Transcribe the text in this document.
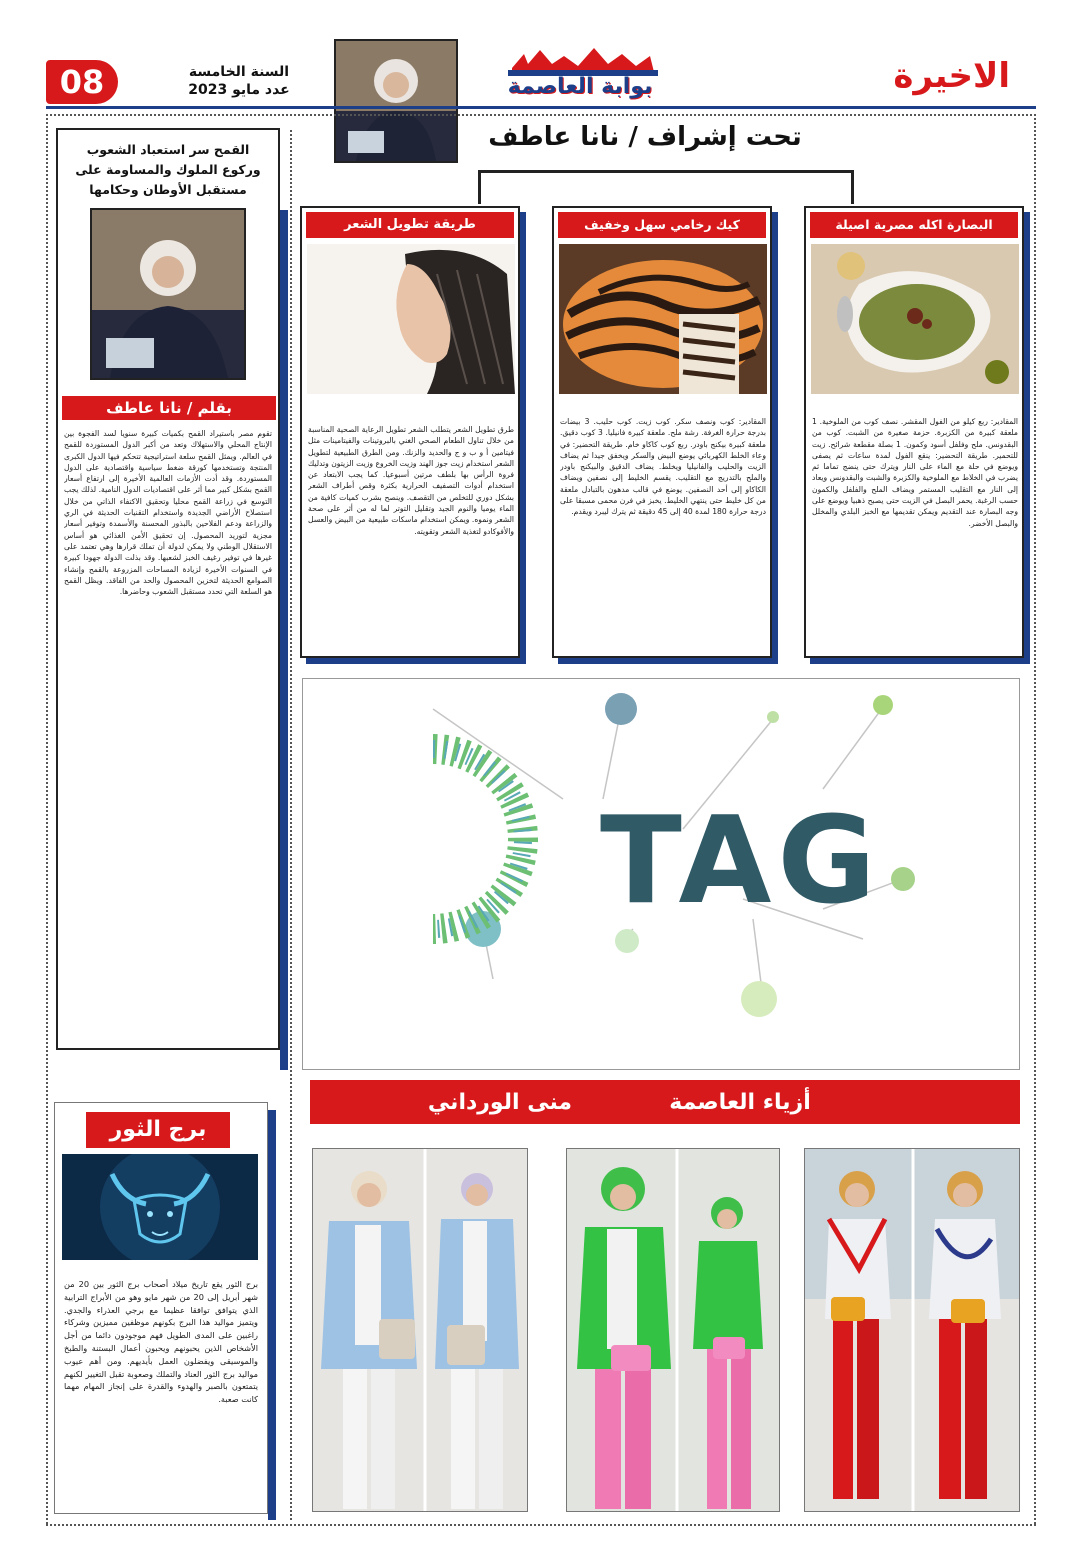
08	السنة الخامسة
عدد مايو 2023	بوابة العاصمة	الاخيرة
تحت إشراف / نانا عاطف
البصارة اكله مصرية اصيلة
المقادير: ربع كيلو من الفول المقشر. نصف كوب من الملوخية. 1 ملعقة كبيرة من الكزبرة. حزمة صغيرة من الشبت. كوب من البقدونس. ملح وفلفل أسود وكمون. 1 بصلة مقطعة شرائح. زيت للتحمير. طريقة التحضير: ينقع الفول لمدة ساعات ثم يصفى ويوضع في حلة مع الماء على النار ويترك حتى ينضج تماما ثم يضرب في الخلاط مع الملوخية والكزبرة والشبت والبقدونس ويعاد إلى النار مع التقليب المستمر ويضاف الملح والفلفل والكمون حسب الرغبة. يحمر البصل في الزيت حتى يصبح ذهبيا ويوضع على وجه البصارة عند التقديم ويمكن تقديمها مع الخبز البلدي والمخلل والبصل الأخضر.
كيك رخامي سهل وخفيف
المقادير: كوب ونصف سكر. كوب زيت. كوب حليب. 3 بيضات بدرجة حرارة الغرفة. رشة ملح. ملعقة كبيرة فانيليا. 3 كوب دقيق. ملعقة كبيرة بيكنج باودر. ربع كوب كاكاو خام. طريقة التحضير: في وعاء الخلط الكهربائي يوضع البيض والسكر ويخفق جيدا ثم يضاف الزيت والحليب والفانيليا ويخلط. يضاف الدقيق والبيكنج باودر والملح بالتدريج مع التقليب. يقسم الخليط إلى نصفين ويضاف الكاكاو إلى أحد النصفين. يوضع في قالب مدهون بالتبادل ملعقة من كل خليط حتى ينتهي الخليط. يخبز في فرن محمى مسبقا على درجة حرارة 180 لمدة 40 إلى 45 دقيقة ثم يترك ليبرد ويقدم.
طريقة تطويل الشعر
طرق تطويل الشعر يتطلب الشعر تطويل الرعاية الصحية المناسبة من خلال تناول الطعام الصحي الغني بالبروتينات والفيتامينات مثل فيتامين أ و ب و ج والحديد والزنك. ومن الطرق الطبيعية لتطويل الشعر استخدام زيت جوز الهند وزيت الخروع وزيت الزيتون وتدليك فروة الرأس بها بلطف مرتين أسبوعيا. كما يجب الابتعاد عن استخدام أدوات التصفيف الحرارية بكثرة وقص أطراف الشعر بشكل دوري للتخلص من التقصف. وينصح بشرب كميات كافية من الماء يوميا والنوم الجيد وتقليل التوتر لما له من أثر على صحة الشعر ونموه. ويمكن استخدام ماسكات طبيعية من البيض والعسل والأفوكادو لتغذية الشعر وتقويته.
القمح سر استعباد الشعوب وركوع الملوك والمساومة على مستقبل الأوطان وحكامها
بقلم / نانا عاطف
تقوم مصر باستيراد القمح بكميات كبيرة سنويا لسد الفجوة بين الإنتاج المحلي والاستهلاك وتعد من أكبر الدول المستوردة للقمح في العالم. ويمثل القمح سلعة استراتيجية تتحكم فيها الدول الكبرى المنتجة وتستخدمها كورقة ضغط سياسية واقتصادية على الدول المستوردة. وقد أدت الأزمات العالمية الأخيرة إلى ارتفاع أسعار القمح بشكل كبير مما أثر على اقتصاديات الدول النامية. لذلك يجب التوسع في زراعة القمح محليا وتحقيق الاكتفاء الذاتي من خلال استصلاح الأراضي الجديدة واستخدام التقنيات الحديثة في الري والزراعة ودعم الفلاحين بالبذور المحسنة والأسمدة وتوفير أسعار مجزية لتوريد المحصول. إن تحقيق الأمن الغذائي هو أساس الاستقلال الوطني ولا يمكن لدولة أن تملك قرارها وهي تعتمد على غيرها في توفير رغيف الخبز لشعبها. وقد بذلت الدولة جهودا كبيرة في السنوات الأخيرة لزيادة المساحات المزروعة بالقمح وإنشاء الصوامع الحديثة لتخزين المحصول والحد من الفاقد. ويظل القمح هو السلعة التي تحدد مستقبل الشعوب وحاضرها.
TAG
أزياء العاصمة
منى الورداني
برج الثور
برج الثور يقع تاريخ ميلاد أصحاب برج الثور بين 20 من شهر أبريل إلى 20 من شهر مايو وهو من الأبراج الترابية الذي يتوافق توافقا عظيما مع برجي العذراء والجدي. ويتميز مواليد هذا البرج بكونهم موظفين مميزين وشركاء راغبين على المدى الطويل فهم موجودون دائما من أجل الأشخاص الذين يحبونهم ويحبون أعمال البستنة والطبخ والموسيقى ويفضلون العمل بأيديهم. ومن أهم عيوب مواليد برج الثور العناد والتملك وصعوبة تقبل التغيير لكنهم يتمتعون بالصبر والهدوء والقدرة على إنجاز المهام مهما كانت صعبة.
